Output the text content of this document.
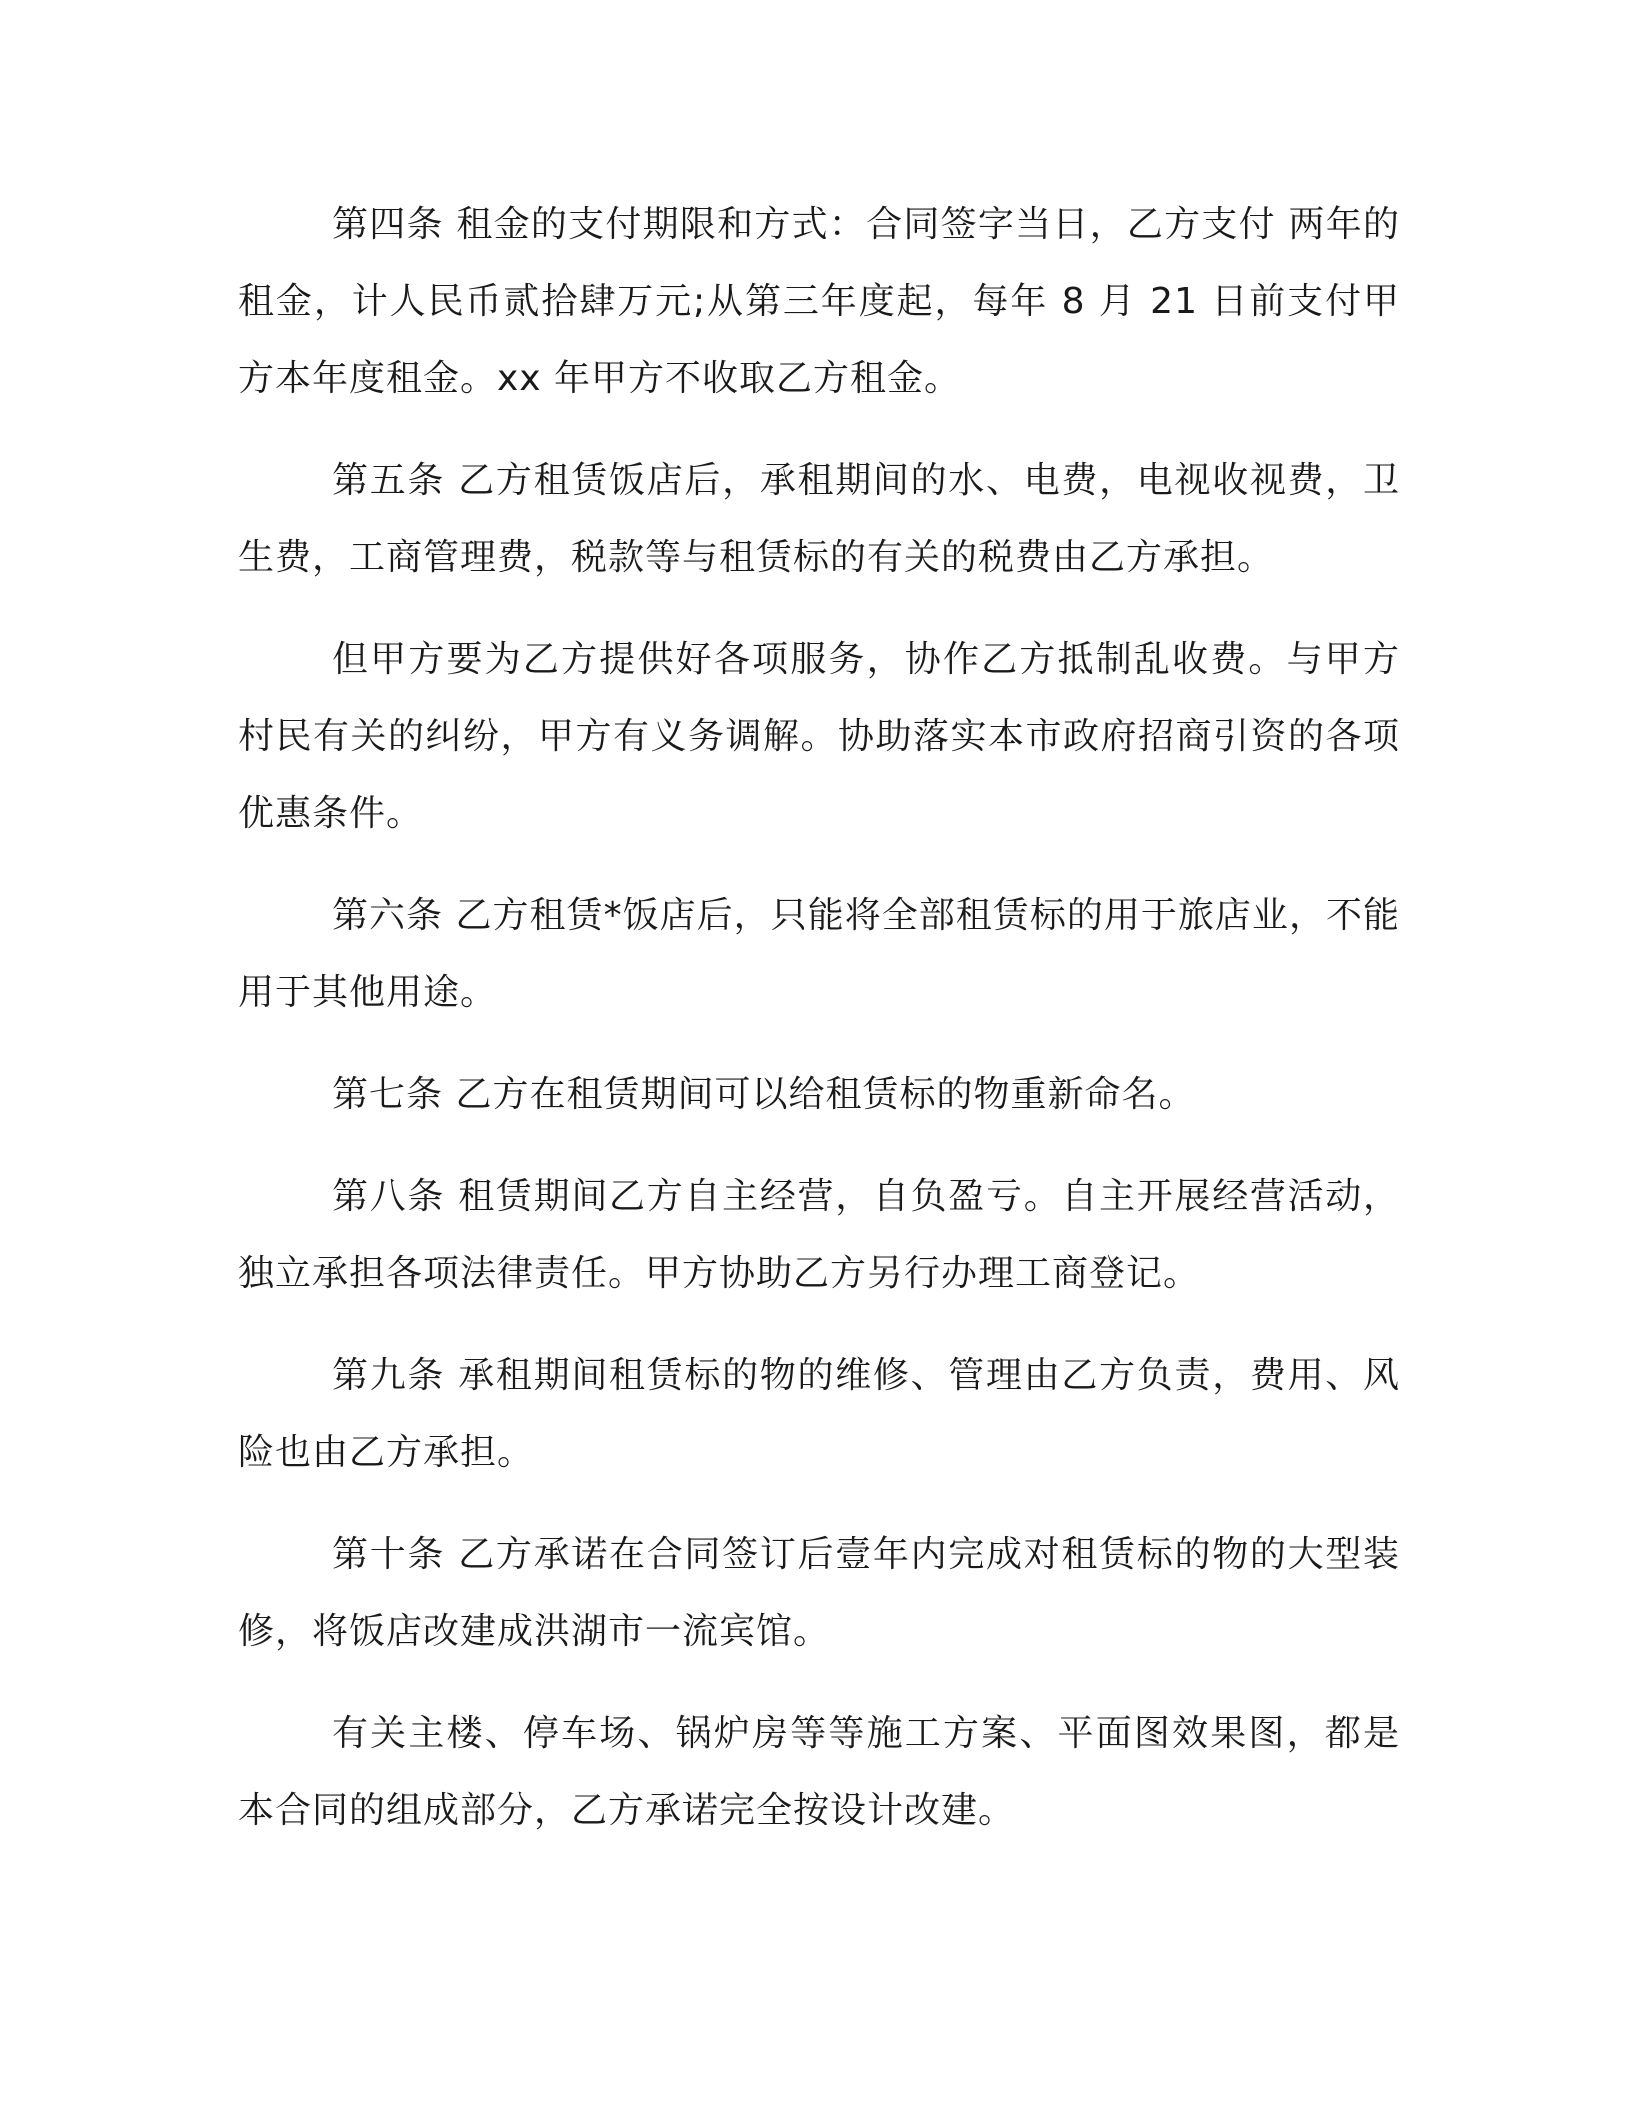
第四条 租金的支付期限和方式：合同签字当日，乙方支付 两年的租金，计人民币贰拾肆万元;从第三年度起，每年 8 月 21 日前支付甲方本年度租金。xx 年甲方不收取乙方租金。

第五条 乙方租赁饭店后，承租期间的水、电费，电视收视费，卫生费，工商管理费，税款等与租赁标的有关的税费由乙方承担。

但甲方要为乙方提供好各项服务，协作乙方抵制乱收费。与甲方村民有关的纠纷，甲方有义务调解。协助落实本市政府招商引资的各项优惠条件。

第六条 乙方租赁*饭店后，只能将全部租赁标的用于旅店业，不能用于其他用途。

第七条 乙方在租赁期间可以给租赁标的物重新命名。

第八条 租赁期间乙方自主经营，自负盈亏。自主开展经营活动，独立承担各项法律责任。甲方协助乙方另行办理工商登记。

第九条 承租期间租赁标的物的维修、管理由乙方负责，费用、风险也由乙方承担。

第十条 乙方承诺在合同签订后壹年内完成对租赁标的物的大型装修，将饭店改建成洪湖市一流宾馆。

有关主楼、停车场、锅炉房等等施工方案、平面图效果图，都是本合同的组成部分，乙方承诺完全按设计改建。
